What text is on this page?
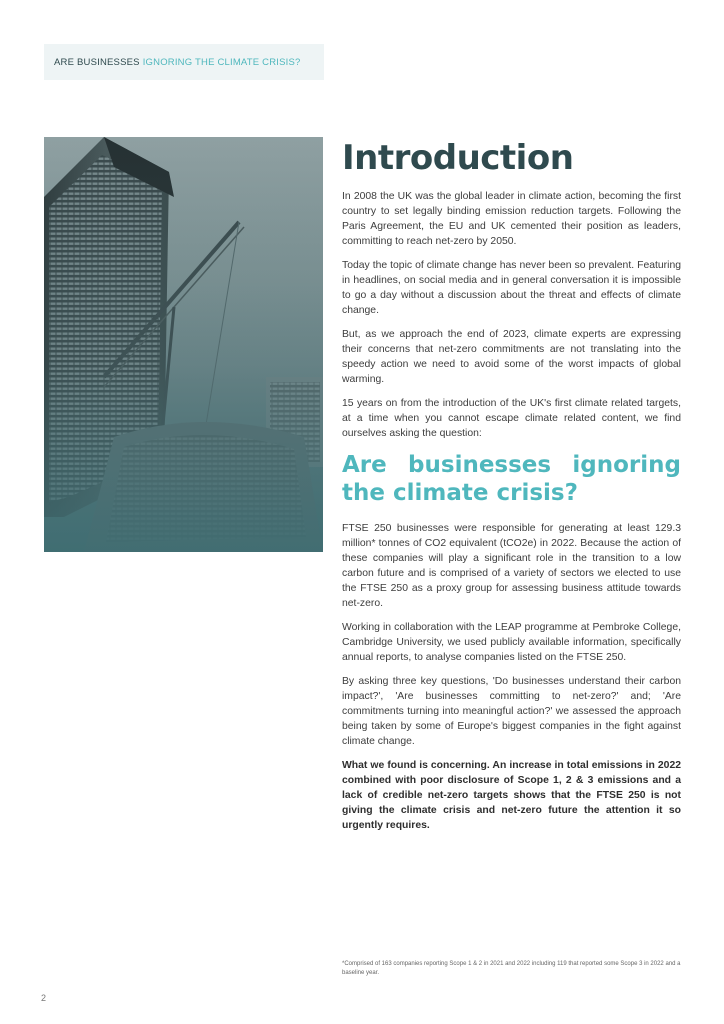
ARE BUSINESSES IGNORING THE CLIMATE CRISIS?
Introduction

In 2008 the UK was the global leader in climate action, becoming the first country to set legally binding emission reduction targets. Following the Paris Agreement, the EU and UK cemented their position as leaders, committing to reach net-zero by 2050.

Today the topic of climate change has never been so prevalent. Featuring in headlines, on social media and in general conversation it is impossible to go a day without a discussion about the threat and effects of climate change.

But, as we approach the end of 2023, climate experts are expressing their concerns that net-zero commitments are not translating into the speedy action we need to avoid some of the worst impacts of global warming.

15 years on from the introduction of the UK's first climate related targets, at a time when you cannot escape climate related content, we find ourselves asking the question:

Are businesses ignoring the climate crisis?

FTSE 250 businesses were responsible for generating at least 129.3 million* tonnes of CO2 equivalent (tCO2e) in 2022. Because the action of these companies will play a significant role in the transition to a low carbon future and is comprised of a variety of sectors we elected to use the FTSE 250 as a proxy group for assessing business attitude towards net-zero.

Working in collaboration with the LEAP programme at Pembroke College, Cambridge University, we used publicly available information, specifically annual reports, to analyse companies listed on the FTSE 250.

By asking three key questions, 'Do businesses understand their carbon impact?', 'Are businesses committing to net-zero?' and; 'Are commitments turning into meaningful action?' we assessed the approach being taken by some of Europe's biggest companies in the fight against climate change.

What we found is concerning. An increase in total emissions in 2022 combined with poor disclosure of Scope 1, 2 & 3 emissions and a lack of credible net-zero targets shows that the FTSE 250 is not giving the climate crisis and net-zero future the attention it so urgently requires.

*Comprised of 163 companies reporting Scope 1 & 2 in 2021 and 2022 including 119 that reported some Scope 3 in 2022 and a baseline year.
2
